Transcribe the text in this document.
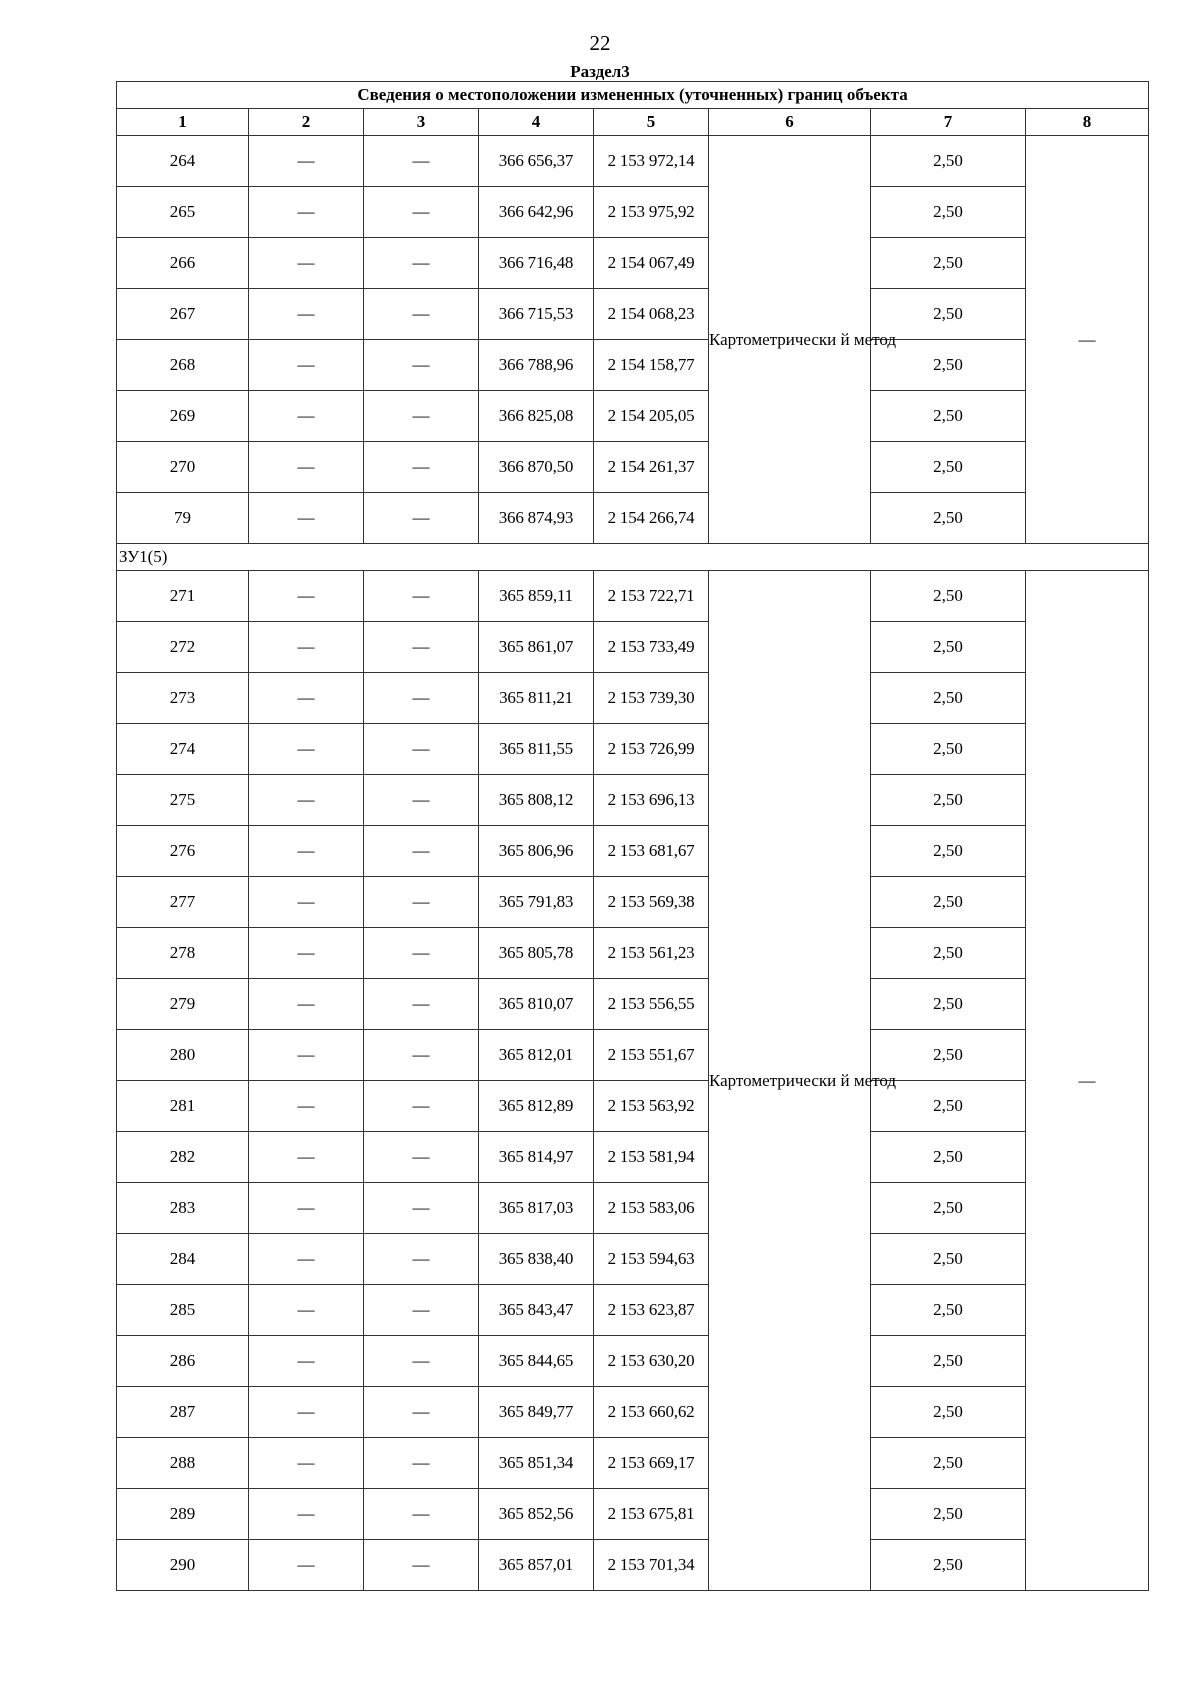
22
Раздел3
Сведения о местоположении измененных (уточненных) границ объекта							
1	2	3	4	5	6	7	8
264	—	—	366 656,37	2 153 972,14	Картометрически й метод	2,50	—
265	—	—	366 642,96	2 153 975,92		2,50	
266	—	—	366 716,48	2 154 067,49		2,50	
267	—	—	366 715,53	2 154 068,23		2,50	
268	—	—	366 788,96	2 154 158,77		2,50	
269	—	—	366 825,08	2 154 205,05		2,50	
270	—	—	366 870,50	2 154 261,37		2,50	
79	—	—	366 874,93	2 154 266,74		2,50	
ЗУ1(5)							
271	—	—	365 859,11	2 153 722,71	Картометрически й метод	2,50	—
272	—	—	365 861,07	2 153 733,49		2,50	
273	—	—	365 811,21	2 153 739,30		2,50	
274	—	—	365 811,55	2 153 726,99		2,50	
275	—	—	365 808,12	2 153 696,13		2,50	
276	—	—	365 806,96	2 153 681,67		2,50	
277	—	—	365 791,83	2 153 569,38		2,50	
278	—	—	365 805,78	2 153 561,23		2,50	
279	—	—	365 810,07	2 153 556,55		2,50	
280	—	—	365 812,01	2 153 551,67		2,50	
281	—	—	365 812,89	2 153 563,92		2,50	
282	—	—	365 814,97	2 153 581,94		2,50	
283	—	—	365 817,03	2 153 583,06		2,50	
284	—	—	365 838,40	2 153 594,63		2,50	
285	—	—	365 843,47	2 153 623,87		2,50	
286	—	—	365 844,65	2 153 630,20		2,50	
287	—	—	365 849,77	2 153 660,62		2,50	
288	—	—	365 851,34	2 153 669,17		2,50	
289	—	—	365 852,56	2 153 675,81		2,50	
290	—	—	365 857,01	2 153 701,34		2,50	
